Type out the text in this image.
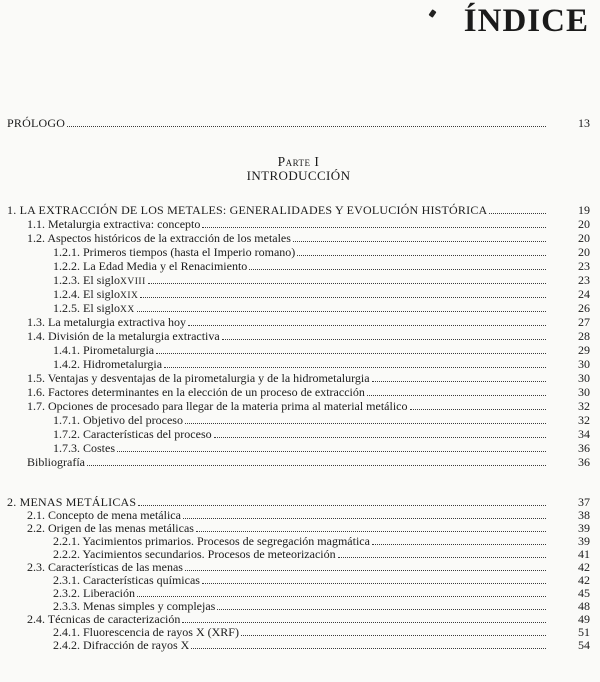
ÍNDICE
PRÓLOGO	13
Parte I
INTRODUCCIÓN
1. LA EXTRACCIÓN DE LOS METALES: GENERALIDADES Y EVOLUCIÓN HISTÓRICA	19
1.1. Metalurgia extractiva: concepto	20
1.2. Aspectos históricos de la extracción de los metales	20
1.2.1. Primeros tiempos (hasta el Imperio romano)	20
1.2.2. La Edad Media y el Renacimiento	23
1.2.3. El siglo XVIII	23
1.2.4. El siglo XIX	24
1.2.5. El siglo XX	26
1.3. La metalurgia extractiva hoy	27
1.4. División de la metalurgia extractiva	28
1.4.1. Pirometalurgia	29
1.4.2. Hidrometalurgia	30
1.5. Ventajas y desventajas de la pirometalurgia y de la hidrometalurgia	30
1.6. Factores determinantes en la elección de un proceso de extracción	30
1.7. Opciones de procesado para llegar de la materia prima al material metálico	32
1.7.1. Objetivo del proceso	32
1.7.2. Características del proceso	34
1.7.3. Costes	36
Bibliografía	36
2. MENAS METÁLICAS	37
2.1. Concepto de mena metálica	38
2.2. Origen de las menas metálicas	39
2.2.1. Yacimientos primarios. Procesos de segregación magmática	39
2.2.2. Yacimientos secundarios. Procesos de meteorización	41
2.3. Características de las menas	42
2.3.1. Características químicas	42
2.3.2. Liberación	45
2.3.3. Menas simples y complejas	48
2.4. Técnicas de caracterización	49
2.4.1. Fluorescencia de rayos X (XRF)	51
2.4.2. Difracción de rayos X	54
